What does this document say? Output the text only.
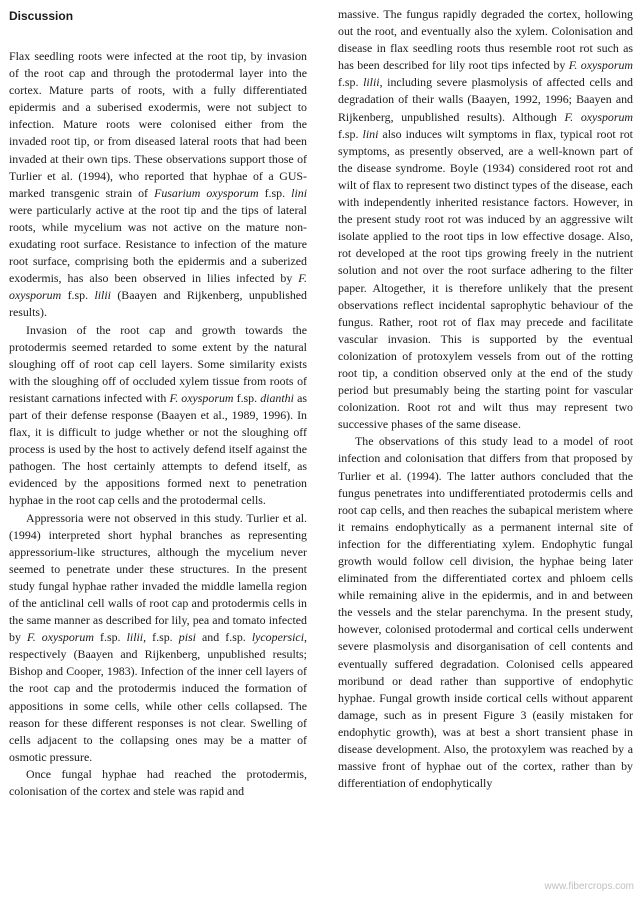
Discussion

Flax seedling roots were infected at the root tip, by invasion of the root cap and through the protodermal layer into the cortex. Mature parts of roots, with a fully differentiated epidermis and a suberised exodermis, were not subject to infection. Mature roots were colonised either from the invaded root tip, or from diseased lateral roots that had been invaded at their own tips. These observations support those of Turlier et al. (1994), who reported that hyphae of a GUS-marked transgenic strain of Fusarium oxysporum f.sp. lini were particularly active at the root tip and the tips of lateral roots, while mycelium was not active on the mature non-exudating root surface. Resistance to infection of the mature root surface, comprising both the epidermis and a suberized exodermis, has also been observed in lilies infected by F. oxysporum f.sp. lilii (Baayen and Rijkenberg, unpublished results).

Invasion of the root cap and growth towards the protodermis seemed retarded to some extent by the natural sloughing off of root cap cell layers. Some similarity exists with the sloughing off of occluded xylem tissue from roots of resistant carnations infected with F. oxysporum f.sp. dianthi as part of their defense response (Baayen et al., 1989, 1996). In flax, it is difficult to judge whether or not the sloughing off process is used by the host to actively defend itself against the pathogen. The host certainly attempts to defend itself, as evidenced by the appositions formed next to penetration hyphae in the root cap cells and the protodermal cells.

Appressoria were not observed in this study. Turlier et al. (1994) interpreted short hyphal branches as representing appressorium-like structures, although the mycelium never seemed to penetrate under these structures. In the present study fungal hyphae rather invaded the middle lamella region of the anticlinal cell walls of root cap and protodermis cells in the same manner as described for lily, pea and tomato infected by F. oxysporum f.sp. lilii, f.sp. pisi and f.sp. lycopersici, respectively (Baayen and Rijkenberg, unpublished results; Bishop and Cooper, 1983). Infection of the inner cell layers of the root cap and the protodermis induced the formation of appositions in some cells, while other cells collapsed. The reason for these different responses is not clear. Swelling of cells adjacent to the collapsing ones may be a matter of osmotic pressure.

Once fungal hyphae had reached the protodermis, colonisation of the cortex and stele was rapid and

massive. The fungus rapidly degraded the cortex, hollowing out the root, and eventually also the xylem. Colonisation and disease in flax seedling roots thus resemble root rot such as has been described for lily root tips infected by F. oxysporum f.sp. lilii, including severe plasmolysis of affected cells and degradation of their walls (Baayen, 1992, 1996; Baayen and Rijkenberg, unpublished results). Although F. oxysporum f.sp. lini also induces wilt symptoms in flax, typical root rot symptoms, as presently observed, are a well-known part of the disease syndrome. Boyle (1934) considered root rot and wilt of flax to represent two distinct types of the disease, each with independently inherited resistance factors. However, in the present study root rot was induced by an aggressive wilt isolate applied to the root tips in low effective dosage. Also, rot developed at the root tips growing freely in the nutrient solution and not over the root surface adhering to the filter paper. Altogether, it is therefore unlikely that the present observations reflect incidental saprophytic behaviour of the fungus. Rather, root rot of flax may precede and facilitate vascular invasion. This is supported by the eventual colonization of protoxylem vessels from out of the rotting root tip, a condition observed only at the end of the study period but presumably being the starting point for vascular colonization. Root rot and wilt thus may represent two successive phases of the same disease.

The observations of this study lead to a model of root infection and colonisation that differs from that proposed by Turlier et al. (1994). The latter authors concluded that the fungus penetrates into undifferentiated protodermis cells and root cap cells, and then reaches the subapical meristem where it remains endophytically as a permanent internal site of infection for the differentiating xylem. Endophytic fungal growth would follow cell division, the hyphae being later eliminated from the differentiated cortex and phloem cells while remaining alive in the epidermis, and in and between the vessels and the stelar parenchyma. In the present study, however, colonised protodermal and cortical cells underwent severe plasmolysis and disorganisation of cell contents and eventually suffered degradation. Colonised cells appeared moribund or dead rather than supportive of endophytic hyphae. Fungal growth inside cortical cells without apparent damage, such as in present Figure 3 (easily mistaken for endophytic growth), was at best a short transient phase in disease development. Also, the protoxylem was reached by a massive front of hyphae out of the cortex, rather than by differentiation of endophytically

www.fibercrops.com
